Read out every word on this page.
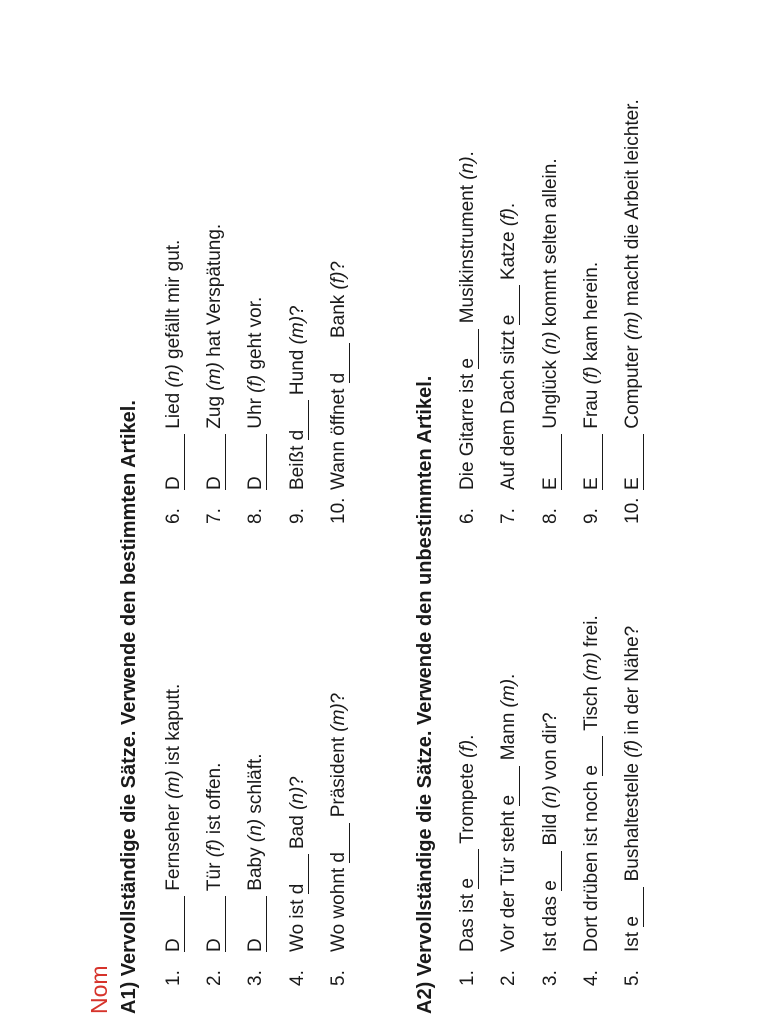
Nom A1) Vervollständige die Sätze. Verwende den bestimmten Artikel.	A2) Vervollständige die Sätze. Verwende den unbestimmten Artikel.
1.D Fernseher (m) ist kaputt.
2.D Tür (f) ist offen.
3.D Baby (n) schläft.
4.Wo ist d Bad (n)?
5.Wo wohnt d Präsident (m)?
6.D Lied (n) gefällt mir gut.
7.D Zug (m) hat Verspätung.
8.D Uhr (f) geht vor.
9.Beißt d Hund (m)?
10.Wann öffnet d Bank (f)?
1.Das ist e Trompete (f).
2.Vor der Tür steht e Mann (m).
3.Ist das e Bild (n) von dir?
4.Dort drüben ist noch e Tisch (m) frei.
5.Ist e Bushaltestelle (f) in der Nähe?
6.Die Gitarre ist e Musikinstrument (n).
7.Auf dem Dach sitzt e Katze (f).
8.E Unglück (n) kommt selten allein.
9.E Frau (f) kam herein.
10.E Computer (m) macht die Arbeit leichter.
